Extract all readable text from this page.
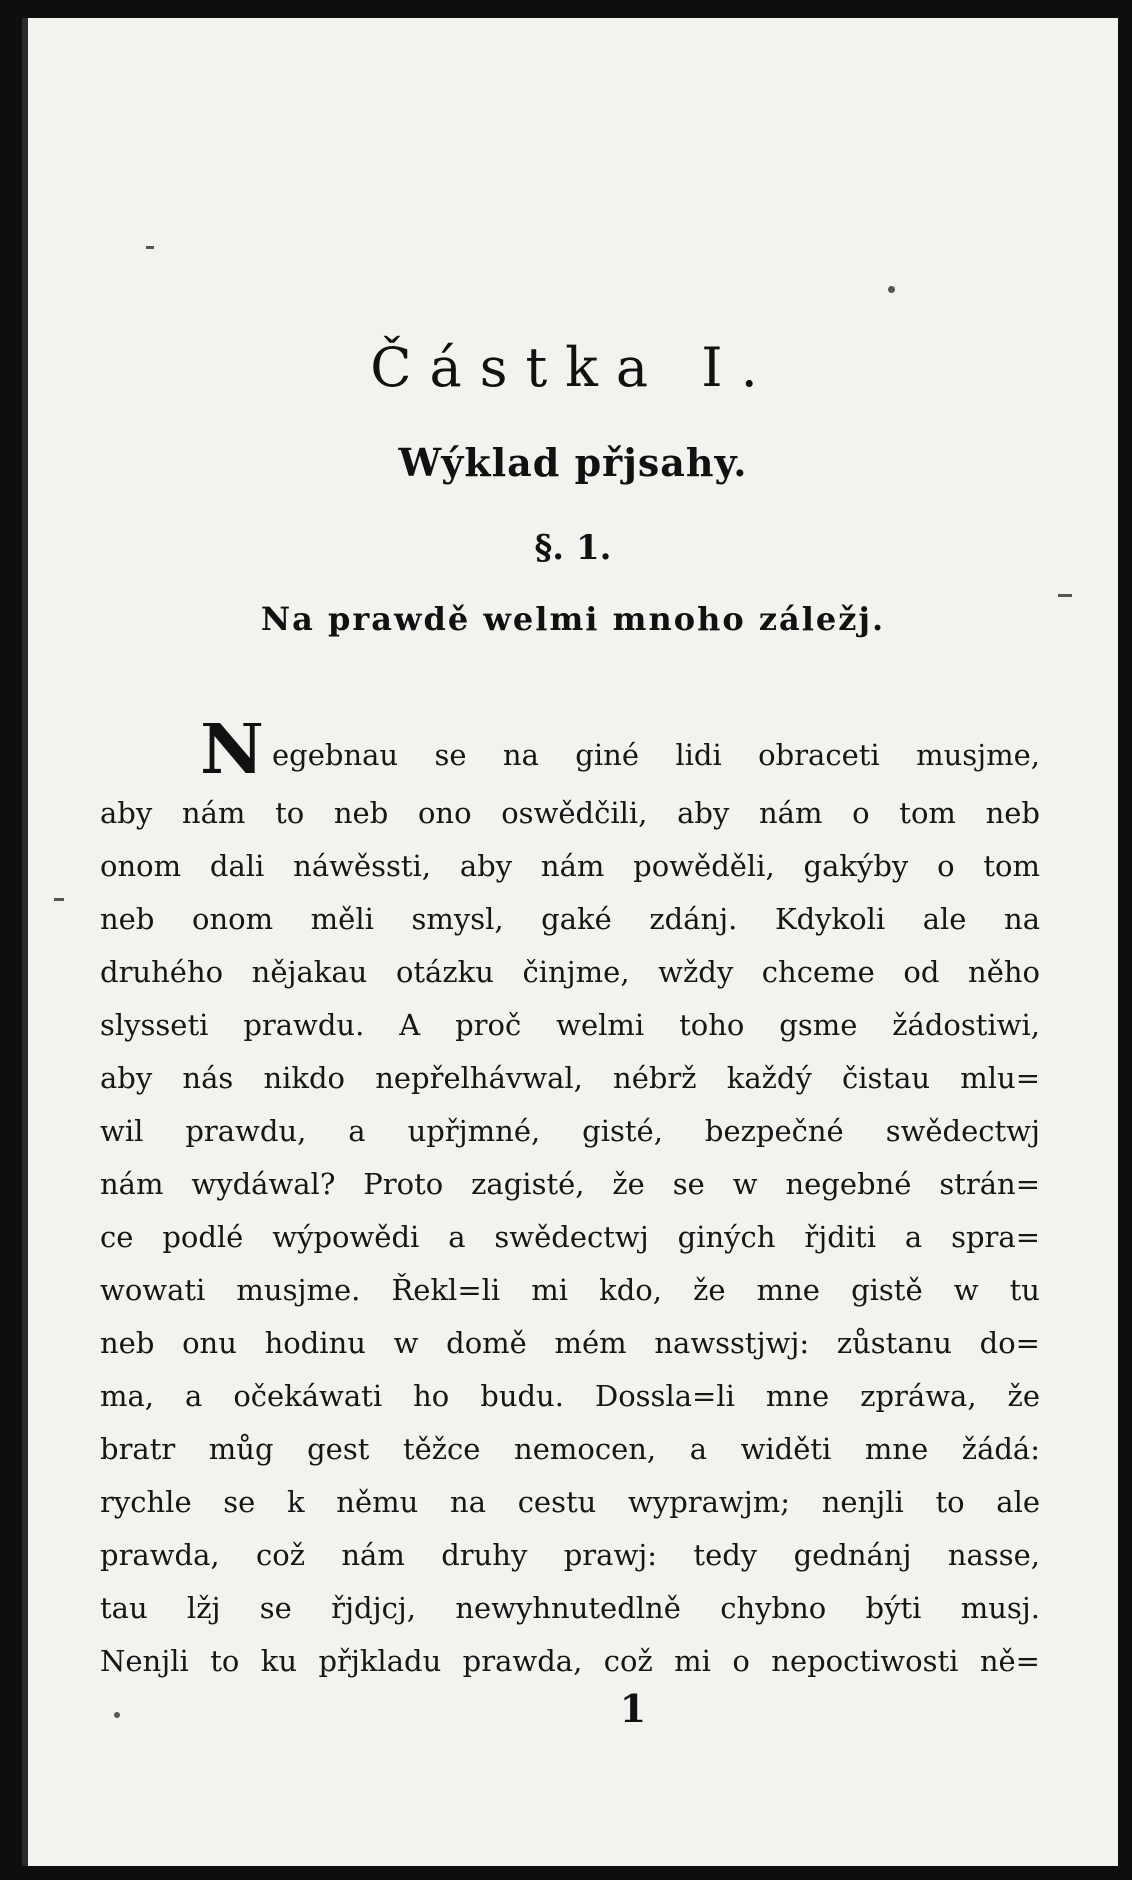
Částka I.
Wýklad přjsahy.
§. 1.
Na prawdě welmi mnoho záležj.
N egebnau se na giné lidi obraceti musjme,
aby nám to neb ono oswědčili, aby nám o tom neb
onom dali náwěssti, aby nám powěděli, gakýby o tom
neb onom měli smysl, gaké zdánj. Kdykoli ale na
druhého nějakau otázku činjme, wždy chceme od něho
slysseti prawdu. A proč welmi toho gsme žádostiwi,
aby nás nikdo nepřelhávwal, nébrž každý čistau mlu=
wil prawdu, a upřjmné, gisté, bezpečné swědectwj
nám wydáwal? Proto zagisté, že se w negebné strán=
ce podlé wýpowědi a swědectwj giných řjditi a spra=
wowati musjme. Řekl=li mi kdo, že mne gistě w tu
neb onu hodinu w domě mém nawsstjwj: zůstanu do=
ma, a očekáwati ho budu. Dossla=li mne zpráwa, že
bratr můg gest těžce nemocen, a widěti mne žádá:
rychle se k němu na cestu wyprawjm; nenjli to ale
prawda, což nám druhy prawj: tedy gednánj nasse,
tau lžj se řjdjcj, newyhnutedlně chybno býti musj.
Nenjli to ku přjkladu prawda, což mi o nepoctiwosti ně=
1
